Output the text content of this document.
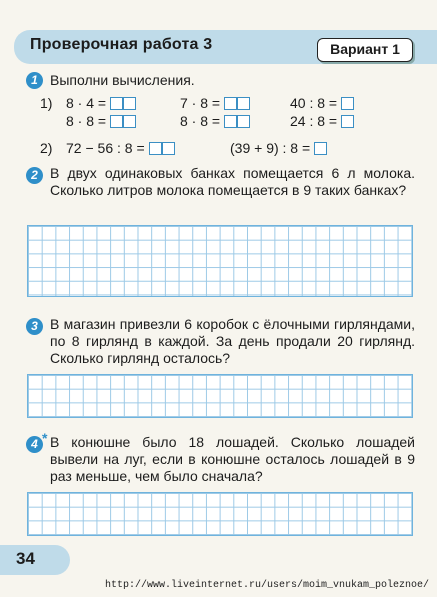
Проверочная работа 3	Вариант 1
1 Выполни вычисления.
1) 8 · 4 =	7 · 8 =	40 : 8 =
8 · 8 =	8 · 8 =	24 : 8 =
2) 72 − 56 : 8 =	(39 + 9) : 8 =
2 В двух одинаковых банках помещается 6 л молока. Сколько литров молока помещается в 9 таких банках?
3 В магазин привезли 6 коробок с ёлочными гирляндами, по 8 гирлянд в каждой. За день продали 20 гирлянд. Сколько гирлянд осталось?
4 * В конюшне было 18 лошадей. Сколько лошадей вывели на луг, если в конюшне осталось лошадей в 9 раз меньше, чем было сначала?
34
http://www.liveinternet.ru/users/moim_vnukam_poleznoe/
